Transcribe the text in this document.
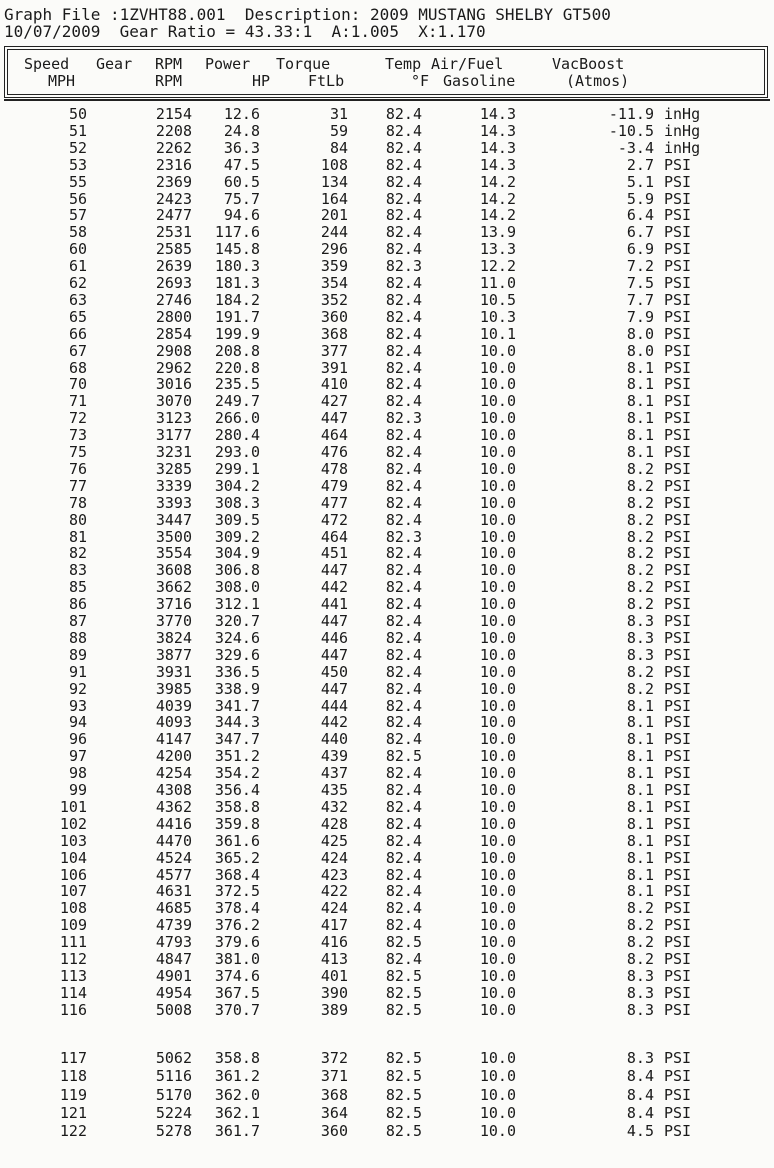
Graph File :1ZVHT88.001  Description: 2009 MUSTANG SHELBY GT500
10/07/2009  Gear Ratio = 43.33:1  A:1.005  X:1.170
Speed Gear RPM Power Torque	Temp Air/Fuel	VacBoost
MPH	RPM	HP	FtLb	°F Gasoline	(Atmos)
50	2154 12.6	31	82.4	14.3	-11.9 inHg
51	2208 24.8	59	82.4	14.3	-10.5 inHg
52	2262 36.3	84	82.4	14.3	-3.4 inHg
53	2316 47.5	108	82.4	14.3	2.7 PSI
55	2369 60.5	134	82.4	14.2	5.1 PSI
56	2423 75.7	164	82.4	14.2	5.9 PSI
57	2477 94.6	201	82.4	14.2	6.4 PSI
58	2531 117.6	244	82.4	13.9	6.7 PSI
60	2585 145.8	296	82.4	13.3	6.9 PSI
61	2639 180.3	359	82.3	12.2	7.2 PSI
62	2693 181.3	354	82.4	11.0	7.5 PSI
63	2746 184.2	352	82.4	10.5	7.7 PSI
65	2800 191.7	360	82.4	10.3	7.9 PSI
66	2854 199.9	368	82.4	10.1	8.0 PSI
67	2908 208.8	377	82.4	10.0	8.0 PSI
68	2962 220.8	391	82.4	10.0	8.1 PSI
70	3016 235.5	410	82.4	10.0	8.1 PSI
71	3070 249.7	427	82.4	10.0	8.1 PSI
72	3123 266.0	447	82.3	10.0	8.1 PSI
73	3177 280.4	464	82.4	10.0	8.1 PSI
75	3231 293.0	476	82.4	10.0	8.1 PSI
76	3285 299.1	478	82.4	10.0	8.2 PSI
77	3339 304.2	479	82.4	10.0	8.2 PSI
78	3393 308.3	477	82.4	10.0	8.2 PSI
80	3447 309.5	472	82.4	10.0	8.2 PSI
81	3500 309.2	464	82.3	10.0	8.2 PSI
82	3554 304.9	451	82.4	10.0	8.2 PSI
83	3608 306.8	447	82.4	10.0	8.2 PSI
85	3662 308.0	442	82.4	10.0	8.2 PSI
86	3716 312.1	441	82.4	10.0	8.2 PSI
87	3770 320.7	447	82.4	10.0	8.3 PSI
88	3824 324.6	446	82.4	10.0	8.3 PSI
89	3877 329.6	447	82.4	10.0	8.3 PSI
91	3931 336.5	450	82.4	10.0	8.2 PSI
92	3985 338.9	447	82.4	10.0	8.2 PSI
93	4039 341.7	444	82.4	10.0	8.1 PSI
94	4093 344.3	442	82.4	10.0	8.1 PSI
96	4147 347.7	440	82.4	10.0	8.1 PSI
97	4200 351.2	439	82.5	10.0	8.1 PSI
98	4254 354.2	437	82.4	10.0	8.1 PSI
99	4308 356.4	435	82.4	10.0	8.1 PSI
101	4362 358.8	432	82.4	10.0	8.1 PSI
102	4416 359.8	428	82.4	10.0	8.1 PSI
103	4470 361.6	425	82.4	10.0	8.1 PSI
104	4524 365.2	424	82.4	10.0	8.1 PSI
106	4577 368.4	423	82.4	10.0	8.1 PSI
107	4631 372.5	422	82.4	10.0	8.1 PSI
108	4685 378.4	424	82.4	10.0	8.2 PSI
109	4739 376.2	417	82.4	10.0	8.2 PSI
111	4793 379.6	416	82.5	10.0	8.2 PSI
112	4847 381.0	413	82.4	10.0	8.2 PSI
113	4901 374.6	401	82.5	10.0	8.3 PSI
114	4954 367.5	390	82.5	10.0	8.3 PSI
116	5008 370.7	389	82.5	10.0	8.3 PSI
117	5062 358.8	372	82.5	10.0	8.3 PSI
118	5116 361.2	371	82.5	10.0	8.4 PSI
119	5170 362.0	368	82.5	10.0	8.4 PSI
121	5224 362.1	364	82.5	10.0	8.4 PSI
122	5278 361.7	360	82.5	10.0	4.5 PSI
